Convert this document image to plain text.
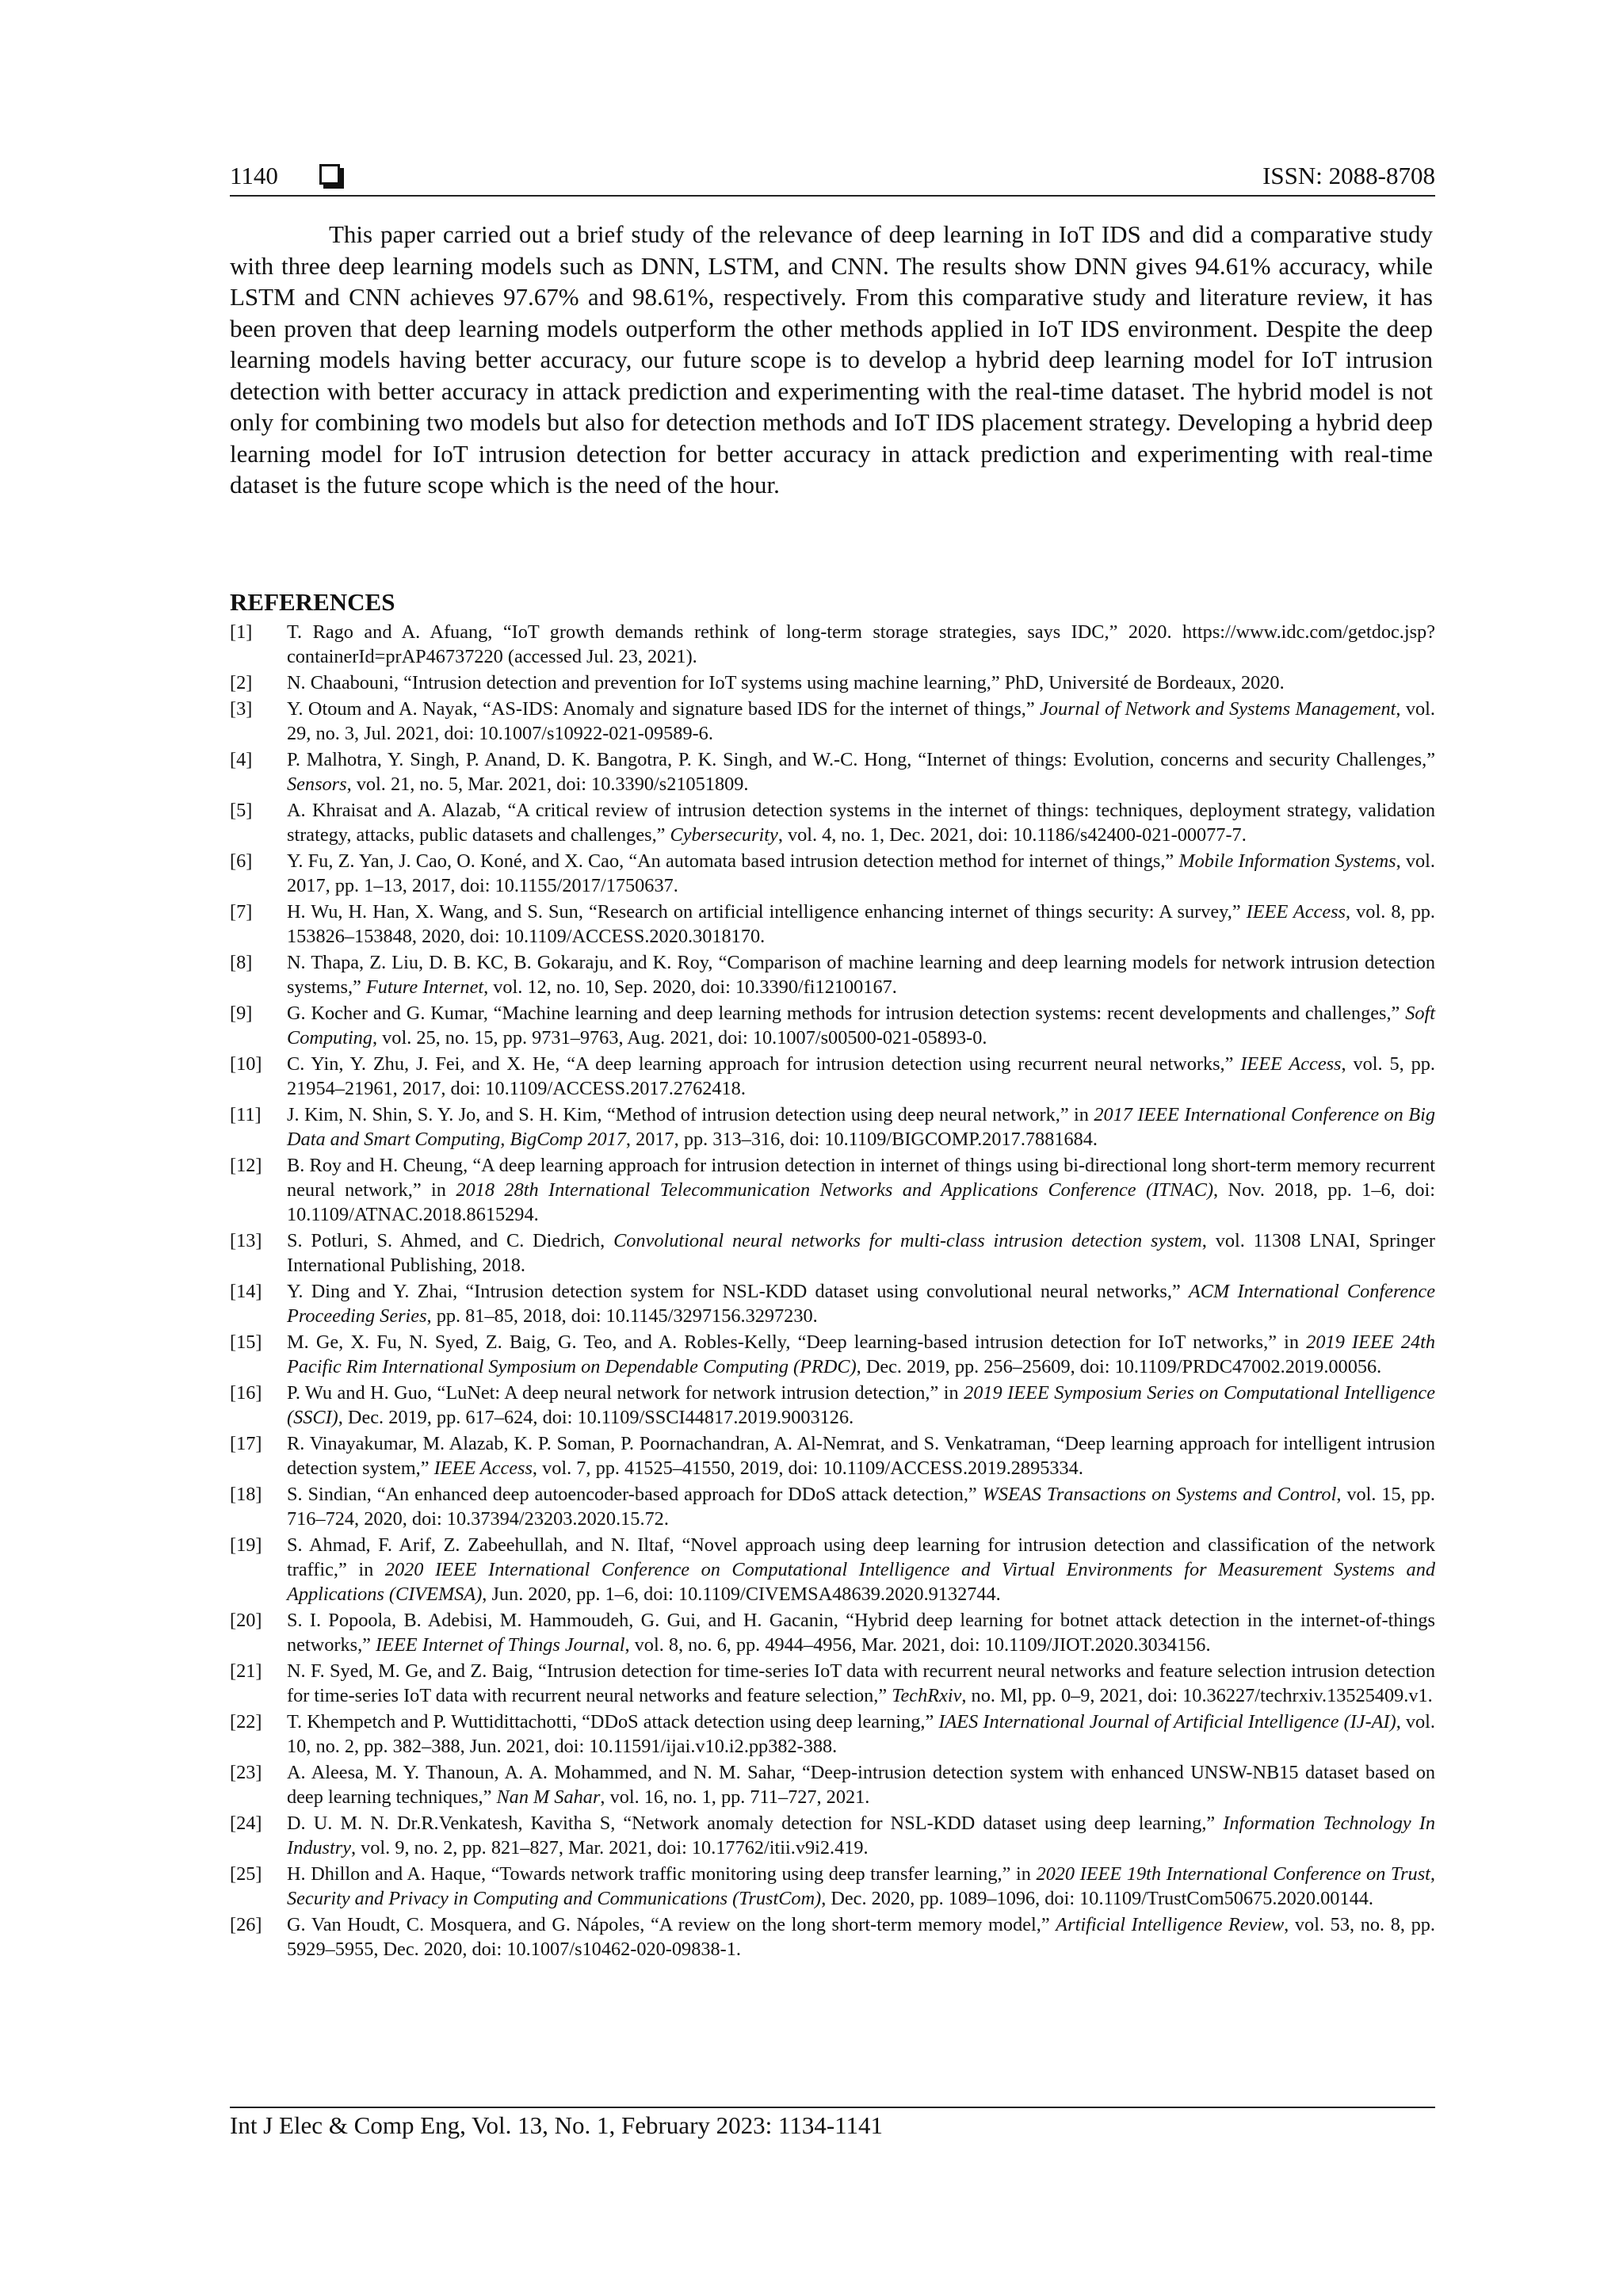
1140	ISSN: 2088-8708

This paper carried out a brief study of the relevance of deep learning in IoT IDS and did a comparative study with three deep learning models such as DNN, LSTM, and CNN. The results show DNN gives 94.61% accuracy, while LSTM and CNN achieves 97.67% and 98.61%, respectively. From this comparative study and literature review, it has been proven that deep learning models outperform the other methods applied in IoT IDS environment. Despite the deep learning models having better accuracy, our future scope is to develop a hybrid deep learning model for IoT intrusion detection with better accuracy in attack prediction and experimenting with the real-time dataset. The hybrid model is not only for combining two models but also for detection methods and IoT IDS placement strategy. Developing a hybrid deep learning model for IoT intrusion detection for better accuracy in attack prediction and experimenting with real-time dataset is the future scope which is the need of the hour.

REFERENCES
[1]	T. Rago and A. Afuang, “IoT growth demands rethink of long-term storage strategies, says IDC,” 2020. https://www.idc.com/getdoc.jsp?containerId=prAP46737220 (accessed Jul. 23, 2021).
[2]	N. Chaabouni, “Intrusion detection and prevention for IoT systems using machine learning,” PhD, Université de Bordeaux, 2020.
[3]	Y. Otoum and A. Nayak, “AS-IDS: Anomaly and signature based IDS for the internet of things,” Journal of Network and Systems Management, vol. 29, no. 3, Jul. 2021, doi: 10.1007/s10922-021-09589-6.
[4]	P. Malhotra, Y. Singh, P. Anand, D. K. Bangotra, P. K. Singh, and W.-C. Hong, “Internet of things: Evolution, concerns and security Challenges,” Sensors, vol. 21, no. 5, Mar. 2021, doi: 10.3390/s21051809.
[5]	A. Khraisat and A. Alazab, “A critical review of intrusion detection systems in the internet of things: techniques, deployment strategy, validation strategy, attacks, public datasets and challenges,” Cybersecurity, vol. 4, no. 1, Dec. 2021, doi: 10.1186/s42400-021-00077-7.
[6]	Y. Fu, Z. Yan, J. Cao, O. Koné, and X. Cao, “An automata based intrusion detection method for internet of things,” Mobile Information Systems, vol. 2017, pp. 1–13, 2017, doi: 10.1155/2017/1750637.
[7]	H. Wu, H. Han, X. Wang, and S. Sun, “Research on artificial intelligence enhancing internet of things security: A survey,” IEEE Access, vol. 8, pp. 153826–153848, 2020, doi: 10.1109/ACCESS.2020.3018170.
[8]	N. Thapa, Z. Liu, D. B. KC, B. Gokaraju, and K. Roy, “Comparison of machine learning and deep learning models for network intrusion detection systems,” Future Internet, vol. 12, no. 10, Sep. 2020, doi: 10.3390/fi12100167.
[9]	G. Kocher and G. Kumar, “Machine learning and deep learning methods for intrusion detection systems: recent developments and challenges,” Soft Computing, vol. 25, no. 15, pp. 9731–9763, Aug. 2021, doi: 10.1007/s00500-021-05893-0.
[10]	C. Yin, Y. Zhu, J. Fei, and X. He, “A deep learning approach for intrusion detection using recurrent neural networks,” IEEE Access, vol. 5, pp. 21954–21961, 2017, doi: 10.1109/ACCESS.2017.2762418.
[11]	J. Kim, N. Shin, S. Y. Jo, and S. H. Kim, “Method of intrusion detection using deep neural network,” in 2017 IEEE International Conference on Big Data and Smart Computing, BigComp 2017, 2017, pp. 313–316, doi: 10.1109/BIGCOMP.2017.7881684.
[12]	B. Roy and H. Cheung, “A deep learning approach for intrusion detection in internet of things using bi-directional long short-term memory recurrent neural network,” in 2018 28th International Telecommunication Networks and Applications Conference (ITNAC), Nov. 2018, pp. 1–6, doi: 10.1109/ATNAC.2018.8615294.
[13]	S. Potluri, S. Ahmed, and C. Diedrich, Convolutional neural networks for multi-class intrusion detection system, vol. 11308 LNAI, Springer International Publishing, 2018.
[14]	Y. Ding and Y. Zhai, “Intrusion detection system for NSL-KDD dataset using convolutional neural networks,” ACM International Conference Proceeding Series, pp. 81–85, 2018, doi: 10.1145/3297156.3297230.
[15]	M. Ge, X. Fu, N. Syed, Z. Baig, G. Teo, and A. Robles-Kelly, “Deep learning-based intrusion detection for IoT networks,” in 2019 IEEE 24th Pacific Rim International Symposium on Dependable Computing (PRDC), Dec. 2019, pp. 256–25609, doi: 10.1109/PRDC47002.2019.00056.
[16]	P. Wu and H. Guo, “LuNet: A deep neural network for network intrusion detection,” in 2019 IEEE Symposium Series on Computational Intelligence (SSCI), Dec. 2019, pp. 617–624, doi: 10.1109/SSCI44817.2019.9003126.
[17]	R. Vinayakumar, M. Alazab, K. P. Soman, P. Poornachandran, A. Al-Nemrat, and S. Venkatraman, “Deep learning approach for intelligent intrusion detection system,” IEEE Access, vol. 7, pp. 41525–41550, 2019, doi: 10.1109/ACCESS.2019.2895334.
[18]	S. Sindian, “An enhanced deep autoencoder-based approach for DDoS attack detection,” WSEAS Transactions on Systems and Control, vol. 15, pp. 716–724, 2020, doi: 10.37394/23203.2020.15.72.
[19]	S. Ahmad, F. Arif, Z. Zabeehullah, and N. Iltaf, “Novel approach using deep learning for intrusion detection and classification of the network traffic,” in 2020 IEEE International Conference on Computational Intelligence and Virtual Environments for Measurement Systems and Applications (CIVEMSA), Jun. 2020, pp. 1–6, doi: 10.1109/CIVEMSA48639.2020.9132744.
[20]	S. I. Popoola, B. Adebisi, M. Hammoudeh, G. Gui, and H. Gacanin, “Hybrid deep learning for botnet attack detection in the internet-of-things networks,” IEEE Internet of Things Journal, vol. 8, no. 6, pp. 4944–4956, Mar. 2021, doi: 10.1109/JIOT.2020.3034156.
[21]	N. F. Syed, M. Ge, and Z. Baig, “Intrusion detection for time-series IoT data with recurrent neural networks and feature selection intrusion detection for time-series IoT data with recurrent neural networks and feature selection,” TechRxiv, no. Ml, pp. 0–9, 2021, doi: 10.36227/techrxiv.13525409.v1.
[22]	T. Khempetch and P. Wuttidittachotti, “DDoS attack detection using deep learning,” IAES International Journal of Artificial Intelligence (IJ-AI), vol. 10, no. 2, pp. 382–388, Jun. 2021, doi: 10.11591/ijai.v10.i2.pp382-388.
[23]	A. Aleesa, M. Y. Thanoun, A. A. Mohammed, and N. M. Sahar, “Deep-intrusion detection system with enhanced UNSW-NB15 dataset based on deep learning techniques,” Nan M Sahar, vol. 16, no. 1, pp. 711–727, 2021.
[24]	D. U. M. N. Dr.R.Venkatesh, Kavitha S, “Network anomaly detection for NSL-KDD dataset using deep learning,” Information Technology In Industry, vol. 9, no. 2, pp. 821–827, Mar. 2021, doi: 10.17762/itii.v9i2.419.
[25]	H. Dhillon and A. Haque, “Towards network traffic monitoring using deep transfer learning,” in 2020 IEEE 19th International Conference on Trust, Security and Privacy in Computing and Communications (TrustCom), Dec. 2020, pp. 1089–1096, doi: 10.1109/TrustCom50675.2020.00144.
[26]	G. Van Houdt, C. Mosquera, and G. Nápoles, “A review on the long short-term memory model,” Artificial Intelligence Review, vol. 53, no. 8, pp. 5929–5955, Dec. 2020, doi: 10.1007/s10462-020-09838-1.
Int J Elec & Comp Eng, Vol. 13, No. 1, February 2023: 1134-1141
